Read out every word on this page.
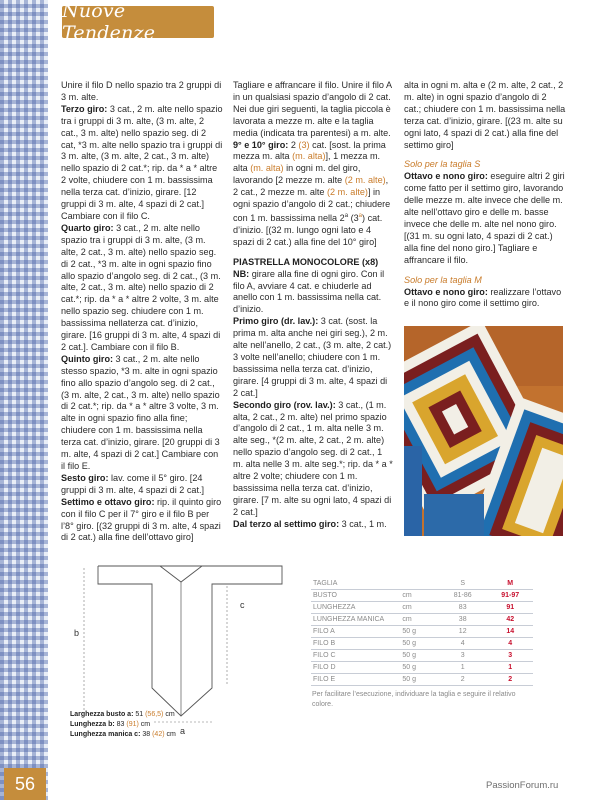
Nuove Tendenze

Unire il filo D nello spazio tra 2 gruppi di 3 m. alte.

Terzo giro: 3 cat., 2 m. alte nello spazio tra i gruppi di 3 m. alte, (3 m. alte, 2 cat., 3 m. alte) nello spazio seg. di 2 cat, *3 m. alte nello spazio tra i gruppi di 3 m. alte, (3 m. alte, 2 cat., 3 m. alte) nello spazio di 2 cat.*; rip. da * a * altre 2 volte, chiudere con 1 m. bassissima nella terza cat. d’inizio, girare. [12 gruppi di 3 m. alte, 4 spazi di 2 cat.] Cambiare con il filo C.

Quarto giro: 3 cat., 2 m. alte nello spazio tra i gruppi di 3 m. alte, (3 m. alte, 2 cat., 3 m. alte) nello spazio seg. di 2 cat., *3 m. alte in ogni spazio fino allo spazio d’angolo seg. di 2 cat., (3 m. alte, 2 cat., 3 m. alte) nello spazio di 2 cat.*; rip. da * a * altre 2 volte, 3 m. alte nello spazio seg. chiudere con 1 m. bassissima nellaterza cat. d’inizio, girare. [16 gruppi di 3 m. alte, 4 spazi di 2 cat.]. Cambiare con il filo B.

Quinto giro: 3 cat., 2 m. alte nello stesso spazio, *3 m. alte in ogni spazio fino allo spazio d’angolo seg. di 2 cat., (3 m. alte, 2 cat., 3 m. alte) nello spazio di 2 cat.*; rip. da * a * altre 3 volte, 3 m. alte in ogni spazio fino alla fine; chiudere con 1 m. bassissima nella terza cat. d’inizio, girare. [20 gruppi di 3 m. alte, 4 spazi di 2 cat.] Cambiare con il filo E.

Sesto giro: lav. come il 5° giro. [24 gruppi di 3 m. alte, 4 spazi di 2 cat.]

Settimo e ottavo giro: rip. il quinto giro con il filo C per il 7° giro e il filo B per l’8° giro. [(32 gruppi di 3 m. alte, 4 spazi di 2 cat.) alla fine dell’ottavo giro]

Tagliare e affrancare il filo. Unire il filo A in un qualsiasi spazio d’angolo di 2 cat. Nei due giri seguenti, la taglia piccola è lavorata a mezze m. alte e la taglia media (indicata tra parentesi) a m. alte.

9° e 10° giro: 2 (3) cat. [sost. la prima mezza m. alta (m. alta)], 1 mezza m. alta (m. alta) in ogni m. del giro, lavorando [2 mezze m. alte (2 m. alte), 2 cat., 2 mezze m. alte (2 m. alte)] in ogni spazio d’angolo di 2 cat.; chiudere con 1 m. bassissima nella 2$^a$ (3$^a$) cat. d’inizio. [(32 m. lungo ogni lato e 4 spazi di 2 cat.) alla fine del 10° giro]

PIASTRELLA MONOCOLORE (x8)

NB: girare alla fine di ogni giro. Con il filo A, avviare 4 cat. e chiuderle ad anello con 1 m. bassissima nella cat. d’inizio.

Primo giro (dr. lav.): 3 cat. (sost. la prima m. alta anche nei giri seg.), 2 m. alte nell’anello, 2 cat., (3 m. alte, 2 cat.) 3 volte nell’anello; chiudere con 1 m. bassissima nella terza cat. d’inizio, girare. [4 gruppi di 3 m. alte, 4 spazi di 2 cat.]

Secondo giro (rov. lav.): 3 cat., (1 m. alta, 2 cat., 2 m. alte) nel primo spazio d’angolo di 2 cat., 1 m. alta nelle 3 m. alte seg., *(2 m. alte, 2 cat., 2 m. alte) nello spazio d’angolo seg. di 2 cat., 1 m. alta nelle 3 m. alte seg.*; rip. da * a * altre 2 volte; chiudere con 1 m. bassissima nella terza cat. d’inizio, girare. [7 m. alte su ogni lato, 4 spazi di 2 cat.]

Dal terzo al settimo giro: 3 cat., 1 m.

alta in ogni m. alta e (2 m. alte, 2 cat., 2 m. alte) in ogni spazio d’angolo di 2 cat.; chiudere con 1 m. bassissima nella terza cat. d’inizio, girare. [(23 m. alte su ogni lato, 4 spazi di 2 cat.) alla fine del settimo giro]

Solo per la taglia S

Ottavo e nono giro: eseguire altri 2 giri come fatto per il settimo giro, lavorando delle mezze m. alte invece che delle m. alte nell’ottavo giro e delle m. basse invece che delle m. alte nel nono giro. [(31 m. su ogni lato, 4 spazi di 2 cat.) alla fine del nono giro.] Tagliare e affrancare il filo.

Solo per la taglia M

Ottavo e nono giro: realizzare l’ottavo e il nono giro come il settimo giro.

b
c
a
Larghezza busto a: 51 (56,5) cm
Lunghezza b: 83 (91) cm
Lunghezza manica c: 38 (42) cm
TAGLIA		S	M
BUSTO	cm	81-86	91-97
LUNGHEZZA	cm	83	91
LUNGHEZZA MANICA	cm	38	42
FILO A	50 g	12	14
FILO B	50 g	4	4
FILO C	50 g	3	3
FILO D	50 g	1	1
FILO E	50 g	2	2
Per facilitare l’esecuzione, individuare la taglia e seguire il relativo colore.
56	PassionForum.ru
